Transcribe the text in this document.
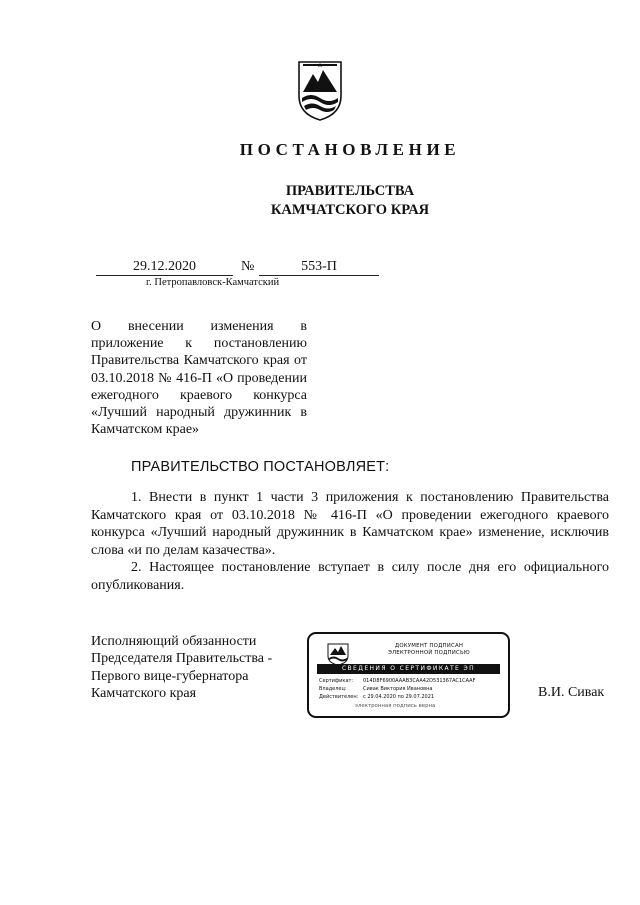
ПОСТАНОВЛЕНИЕ
ПРАВИТЕЛЬСТВА
КАМЧАТСКОГО КРАЯ
29.12.2020	№	553-П
г. Петропавловск-Камчатский
О внесении изменения в приложение к постановлению Правительства Камчатского края от 03.10.2018 № 416-П «О проведении ежегодного краевого конкурса «Лучший народный дружинник в Камчатском крае»
ПРАВИТЕЛЬСТВО ПОСТАНОВЛЯЕТ:

1. Внести в пункт 1 части 3 приложения к постановлению Правительства Камчатского края от 03.10.2018 № 416-П «О проведении ежегодного краевого конкурса «Лучший народный дружинник в Камчатском крае» изменение, исключив слова «и по делам казачества».

2. Настоящее постановление вступает в силу после дня его официального опубликования.

Исполняющий обязанности
Председателя Правительства -
Первого вице-губернатора
Камчатского края
ДОКУМЕНТ ПОДПИСАН
ЭЛЕКТРОННОЙ ПОДПИСЬЮ
СВЕДЕНИЯ О СЕРТИФИКАТЕ ЭП
Сертификат: 014D8F6900AAAB3CAA42D531367AC1CAAF
Владелец:	Сивак Виктория Ивановна
Действителен: с 29.04.2020 по 29.07.2021
электронная подпись верна
В.И. Сивак
